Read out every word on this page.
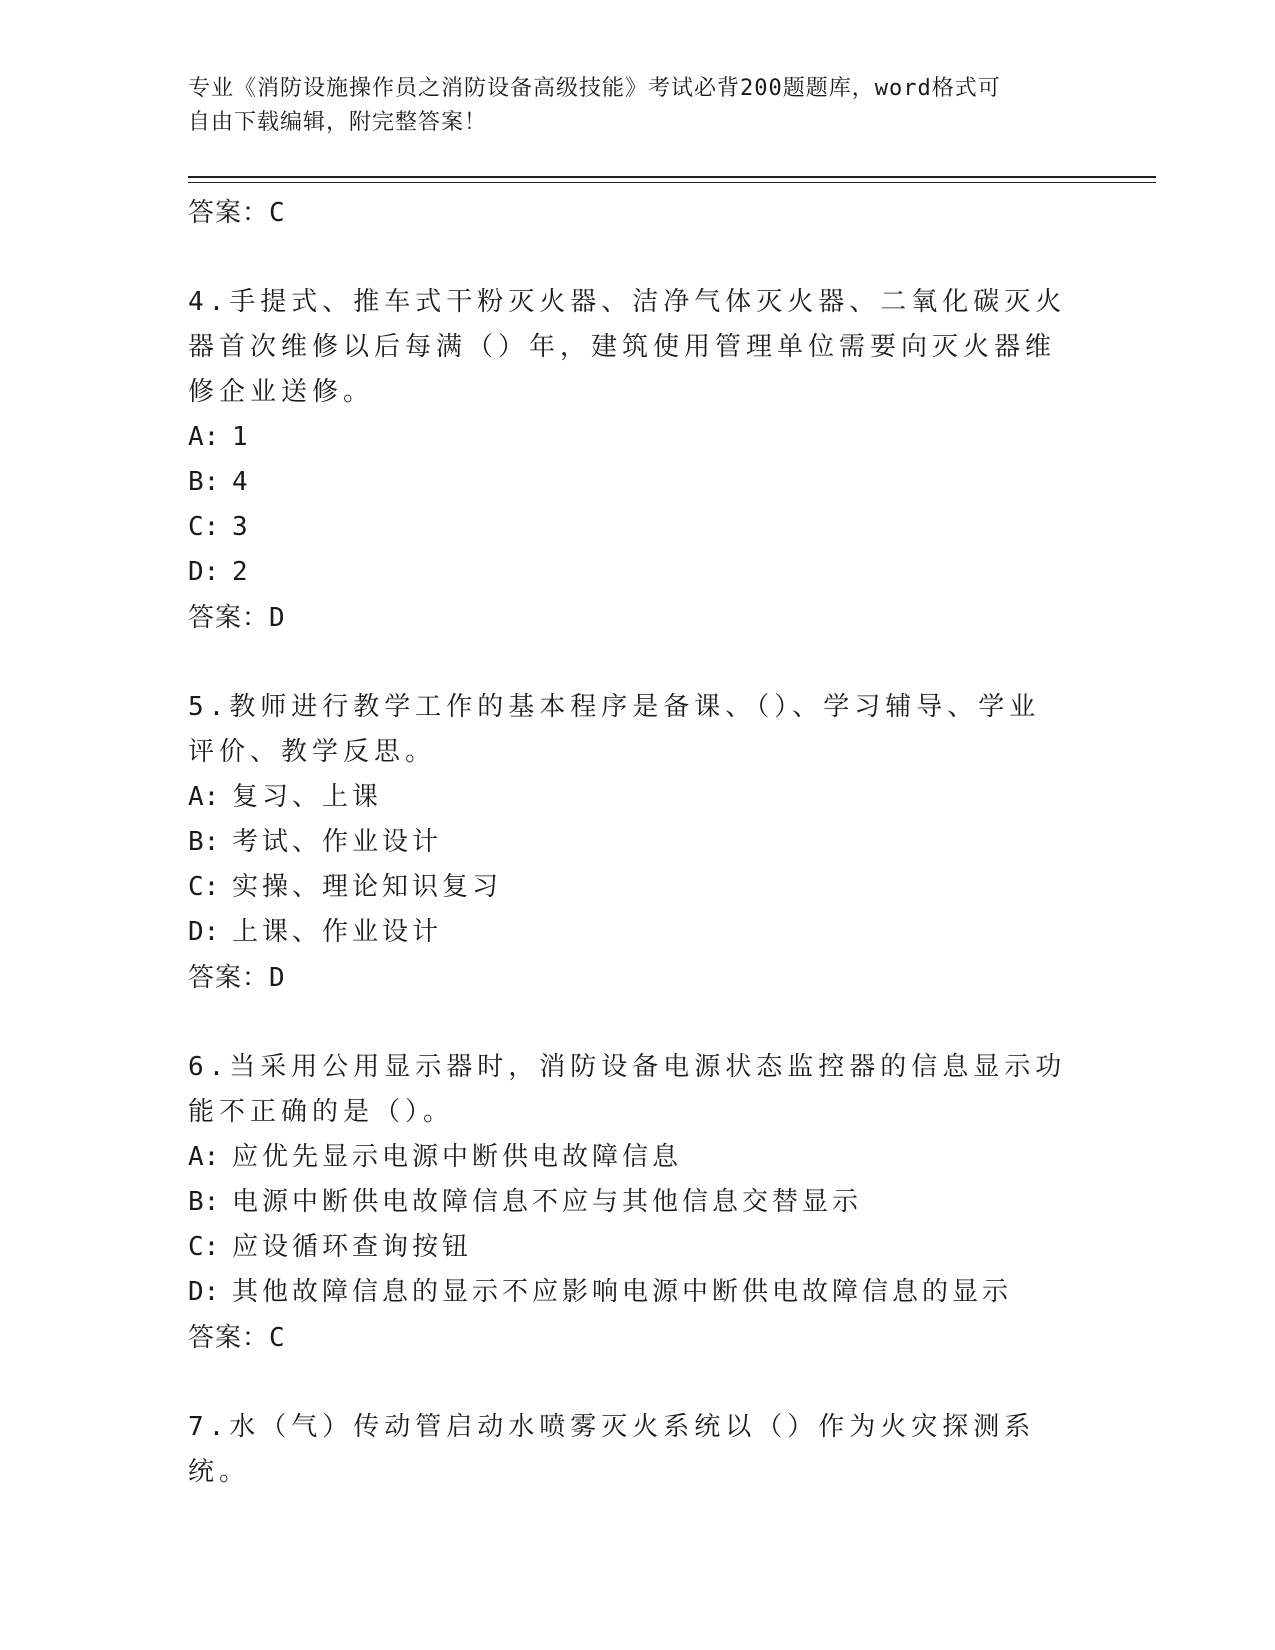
专业《消防设施操作员之消防设备高级技能》考试必背200题题库，word格式可
自由下载编辑，附完整答案！
答案：C
4.手提式、推车式干粉灭火器、洁净气体灭火器、二氧化碳灭火器首次维修以后每满（）年，建筑使用管理单位需要向灭火器维修企业送修。
A: 1
B: 4
C: 3
D: 2
答案：D
5.教师进行教学工作的基本程序是备课、（）、学习辅导、学业评价、教学反思。
A: 复习、上课
B: 考试、作业设计
C: 实操、理论知识复习
D: 上课、作业设计
答案：D
6.当采用公用显示器时，消防设备电源状态监控器的信息显示功能不正确的是（）。
A: 应优先显示电源中断供电故障信息
B: 电源中断供电故障信息不应与其他信息交替显示
C: 应设循环查询按钮
D: 其他故障信息的显示不应影响电源中断供电故障信息的显示
答案：C
7.水（气）传动管启动水喷雾灭火系统以（）作为火灾探测系统。
